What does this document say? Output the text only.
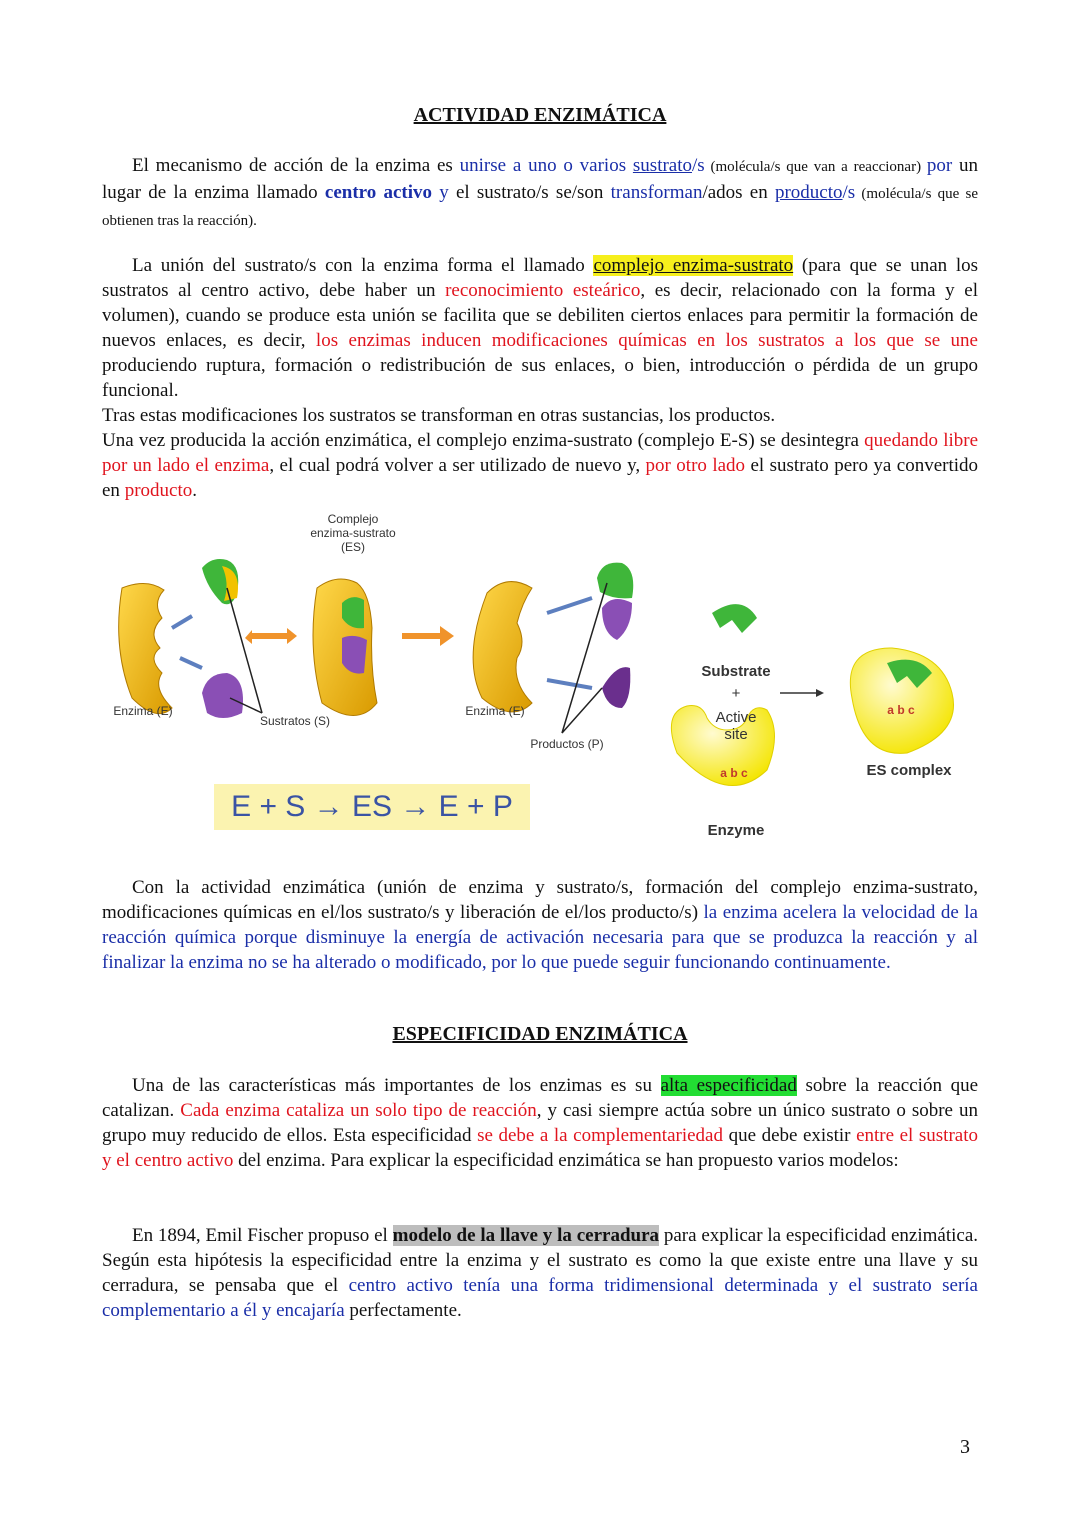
ACTIVIDAD ENZIMÁTICA

El mecanismo de acción de la enzima es unirse a uno o varios sustrato/s (molécula/s que van a reaccionar) por un lugar de la enzima llamado centro activo y el sustrato/s se/son transforman/ados en producto/s (molécula/s que se obtienen tras la reacción).

La unión del sustrato/s con la enzima forma el llamado complejo enzima-sustrato (para que se unan los sustratos al centro activo, debe haber un reconocimiento esteárico, es decir, relacionado con la forma y el volumen), cuando se produce esta unión se facilita que se debiliten ciertos enlaces para permitir la formación de nuevos enlaces, es decir, los enzimas inducen modificaciones químicas en los sustratos a los que se une produciendo ruptura, formación o redistribución de sus enlaces, o bien, introducción o pérdida de un grupo funcional.

Tras estas modificaciones los sustratos se transforman en otras sustancias, los productos.

Una vez producida la acción enzimática, el complejo enzima-sustrato (complejo E-S) se desintegra quedando libre por un lado el enzima, el cual podrá volver a ser utilizado de nuevo y, por otro lado el sustrato pero ya convertido en producto.

Con la actividad enzimática (unión de enzima y sustrato/s, formación del complejo enzima-sustrato, modificaciones químicas en el/los sustrato/s y liberación de el/los producto/s) la enzima acelera la velocidad de la reacción química porque disminuye la energía de activación necesaria para que se produzca la reacción y al finalizar la enzima no se ha alterado o modificado, por lo que puede seguir funcionando continuamente.

ESPECIFICIDAD ENZIMÁTICA

Una de las características más importantes de los enzimas es su alta especificidad sobre la reacción que catalizan. Cada enzima cataliza un solo tipo de reacción, y casi siempre actúa sobre un único sustrato o sobre un grupo muy reducido de ellos. Esta especificidad se debe a la complementariedad que debe existir entre el sustrato y el centro activo del enzima. Para explicar la especificidad enzimática se han propuesto varios modelos:

En 1894, Emil Fischer propuso el modelo de la llave y la cerradura para explicar la especificidad enzimática. Según esta hipótesis la especificidad entre la enzima y el sustrato es como la que existe entre una llave y su cerradura, se pensaba que el centro activo tenía una forma tridimensional determinada y el sustrato sería complementario a él y encajaría perfectamente.

Complejo
enzima-sustrato
(ES)
Enzima (E)
Sustratos (S)
Enzima (E)
Productos (P)
E + S → ES → E + P
Substrate
+
Active
site
a b c
a b c
Enzyme
ES complex
3
